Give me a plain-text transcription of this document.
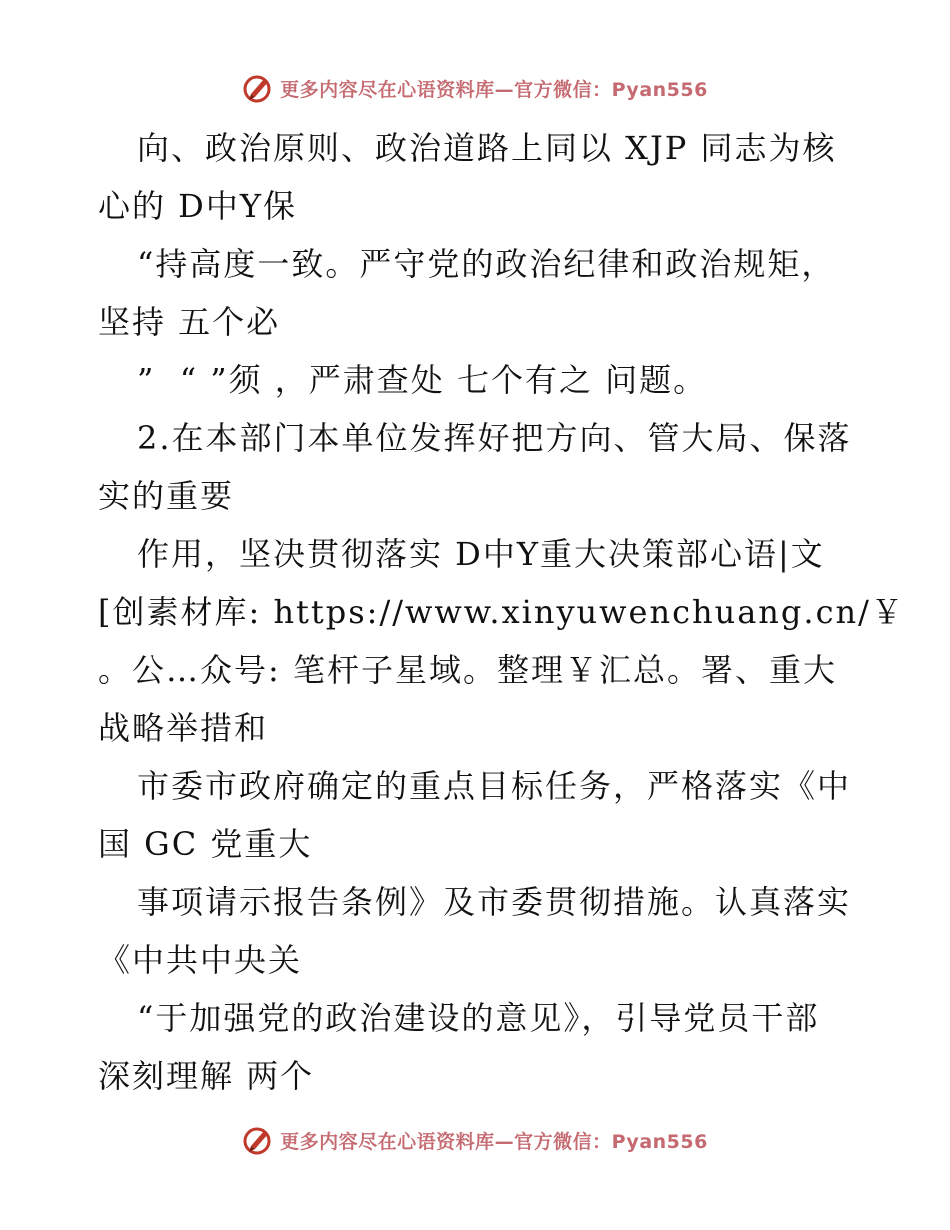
更多内容尽在心语资料库—官方微信：Pyan556
向、政治原则、政治道路上同以 XJP 同志为核
心的 D中Y保
“持高度一致。严守党的政治纪律和政治规矩，
坚持 五个必
”  “ ”须 ，严肃查处 七个有之 问题。
2.在本部门本单位发挥好把方向、管大局、保落
实的重要
作用，坚决贯彻落实 D中Y重大决策部心语|文
[创素材库: https://www.xinyuwenchuang.cn/￥
。公…众号: 笔杆子星域。整理￥汇总。署、重大
战略举措和
市委市政府确定的重点目标任务，严格落实《中
国 GC 党重大
事项请示报告条例》及市委贯彻措施。认真落实
《中共中央关
“于加强党的政治建设的意见》，引导党员干部
深刻理解 两个
更多内容尽在心语资料库—官方微信：Pyan556
